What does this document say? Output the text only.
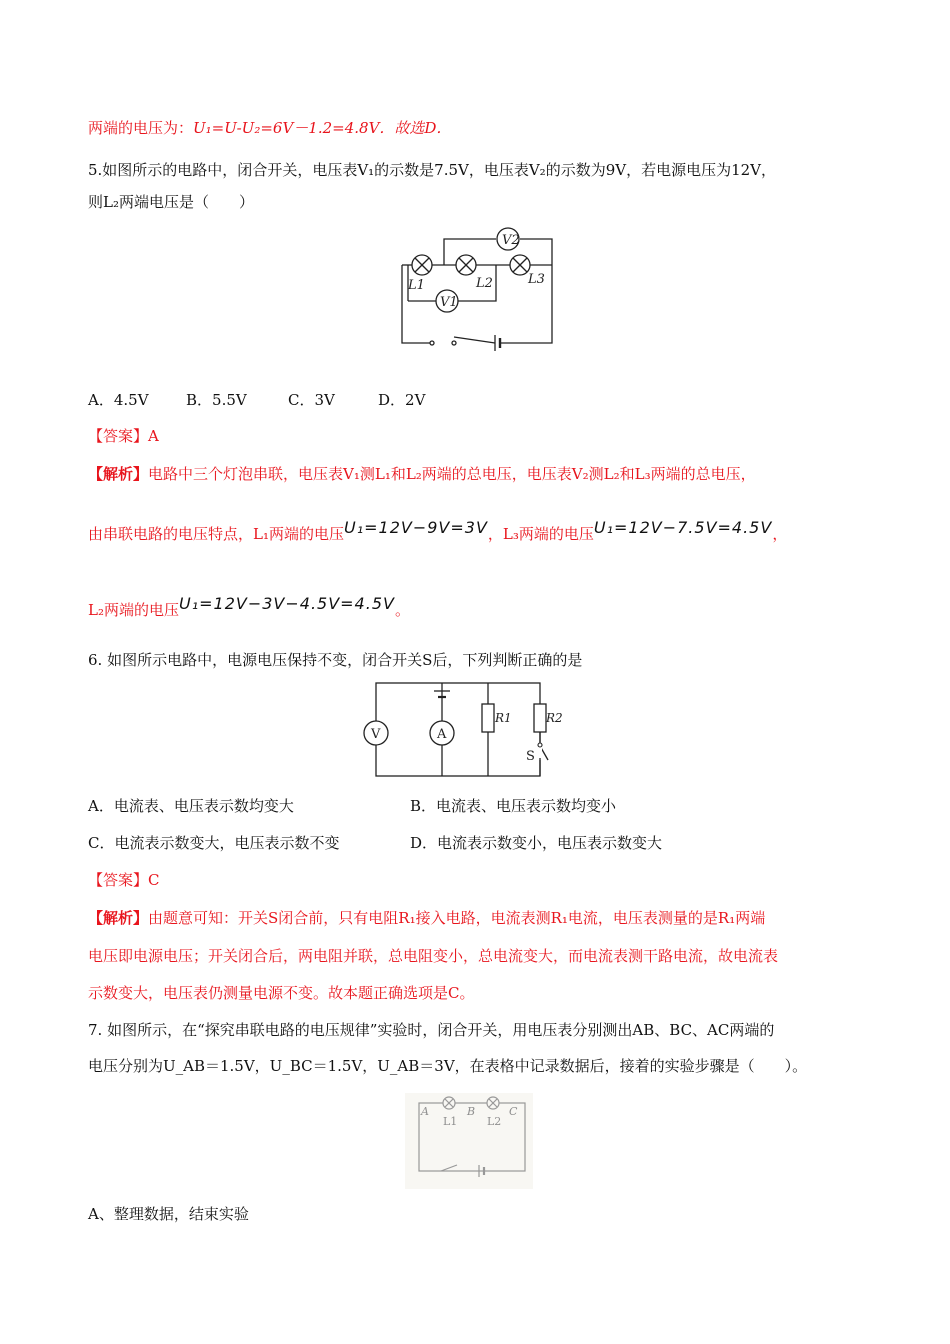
两端的电压为：U₁=U-U₂=6V－1.2=4.8V．故选D．
5.如图所示的电路中，闭合开关，电压表V₁的示数是7.5V，电压表V₂的示数为9V，若电源电压为12V，
则L₂两端电压是（　　）
V2
V1
L1	L2	L3
A．4.5V B．5.5V	C．3V	D．2V
【答案】A
【解析】电路中三个灯泡串联，电压表V₁测L₁和L₂两端的总电压，电压表V₂测L₂和L₃两端的总电压，
由串联电路的电压特点，L₁两端的电压U₁=12V−9V=3V，L₃两端的电压U₁=12V−7.5V=4.5V，
L₂两端的电压U₁=12V−3V−4.5V=4.5V。
6. 如图所示电路中，电源电压保持不变，闭合开关S后，下列判断正确的是
V	A
R1	R2
S
A．电流表、电压表示数均变大	B．电流表、电压表示数均变小
C．电流表示数变大，电压表示数不变	D．电流表示数变小，电压表示数变大
【答案】C
【解析】由题意可知：开关S闭合前，只有电阻R₁接入电路，电流表测R₁电流，电压表测量的是R₁两端
电压即电源电压；开关闭合后，两电阻并联，总电阻变小，总电流变大，而电流表测干路电流，故电流表
示数变大，电压表仍测量电源不变。故本题正确选项是C。
7. 如图所示，在“探究串联电路的电压规律”实验时，闭合开关，用电压表分别测出AB、BC、AC两端的
电压分别为U_AB＝1.5V，U_BC＝1.5V，U_AB＝3V，在表格中记录数据后，接着的实验步骤是（　　）。
A	B	C
L1	L2
A、整理数据，结束实验
